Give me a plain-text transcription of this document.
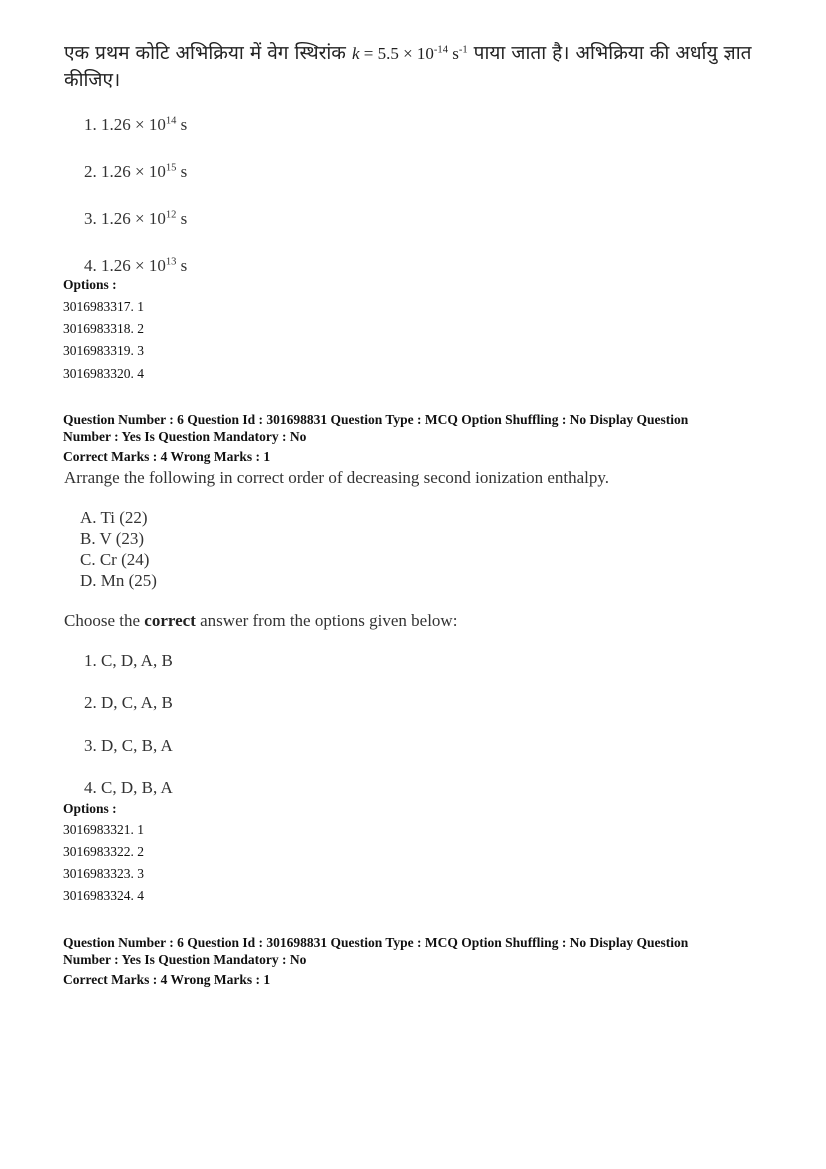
एक प्रथम कोटि अभिक्रिया में वेग स्थिरांक $k = 5.5 \times 10^{-14}$ $s^{-1}$ पाया जाता है। अभिक्रिया की अर्धायु ज्ञात कीजिए।
1. $1.26 \times 10^{14}$ s
2. $1.26 \times 10^{15}$ s
3. $1.26 \times 10^{12}$ s
4. $1.26 \times 10^{13}$ s
Options :
3016983317. 1
3016983318. 2
3016983319. 3
3016983320. 4
Question Number : 6 Question Id : 301698831 Question Type : MCQ Option Shuffling : No Display Question
Number : Yes Is Question Mandatory : No
Correct Marks : 4 Wrong Marks : 1
Arrange the following in correct order of decreasing second ionization enthalpy.
A. Ti (22)
B. V (23)
C. Cr (24)
D. Mn (25)
Choose the correct answer from the options given below:
1. C, D, A, B
2. D, C, A, B
3. D, C, B, A
4. C, D, B, A
Options :
3016983321. 1
3016983322. 2
3016983323. 3
3016983324. 4
Question Number : 6 Question Id : 301698831 Question Type : MCQ Option Shuffling : No Display Question
Number : Yes Is Question Mandatory : No
Correct Marks : 4 Wrong Marks : 1
